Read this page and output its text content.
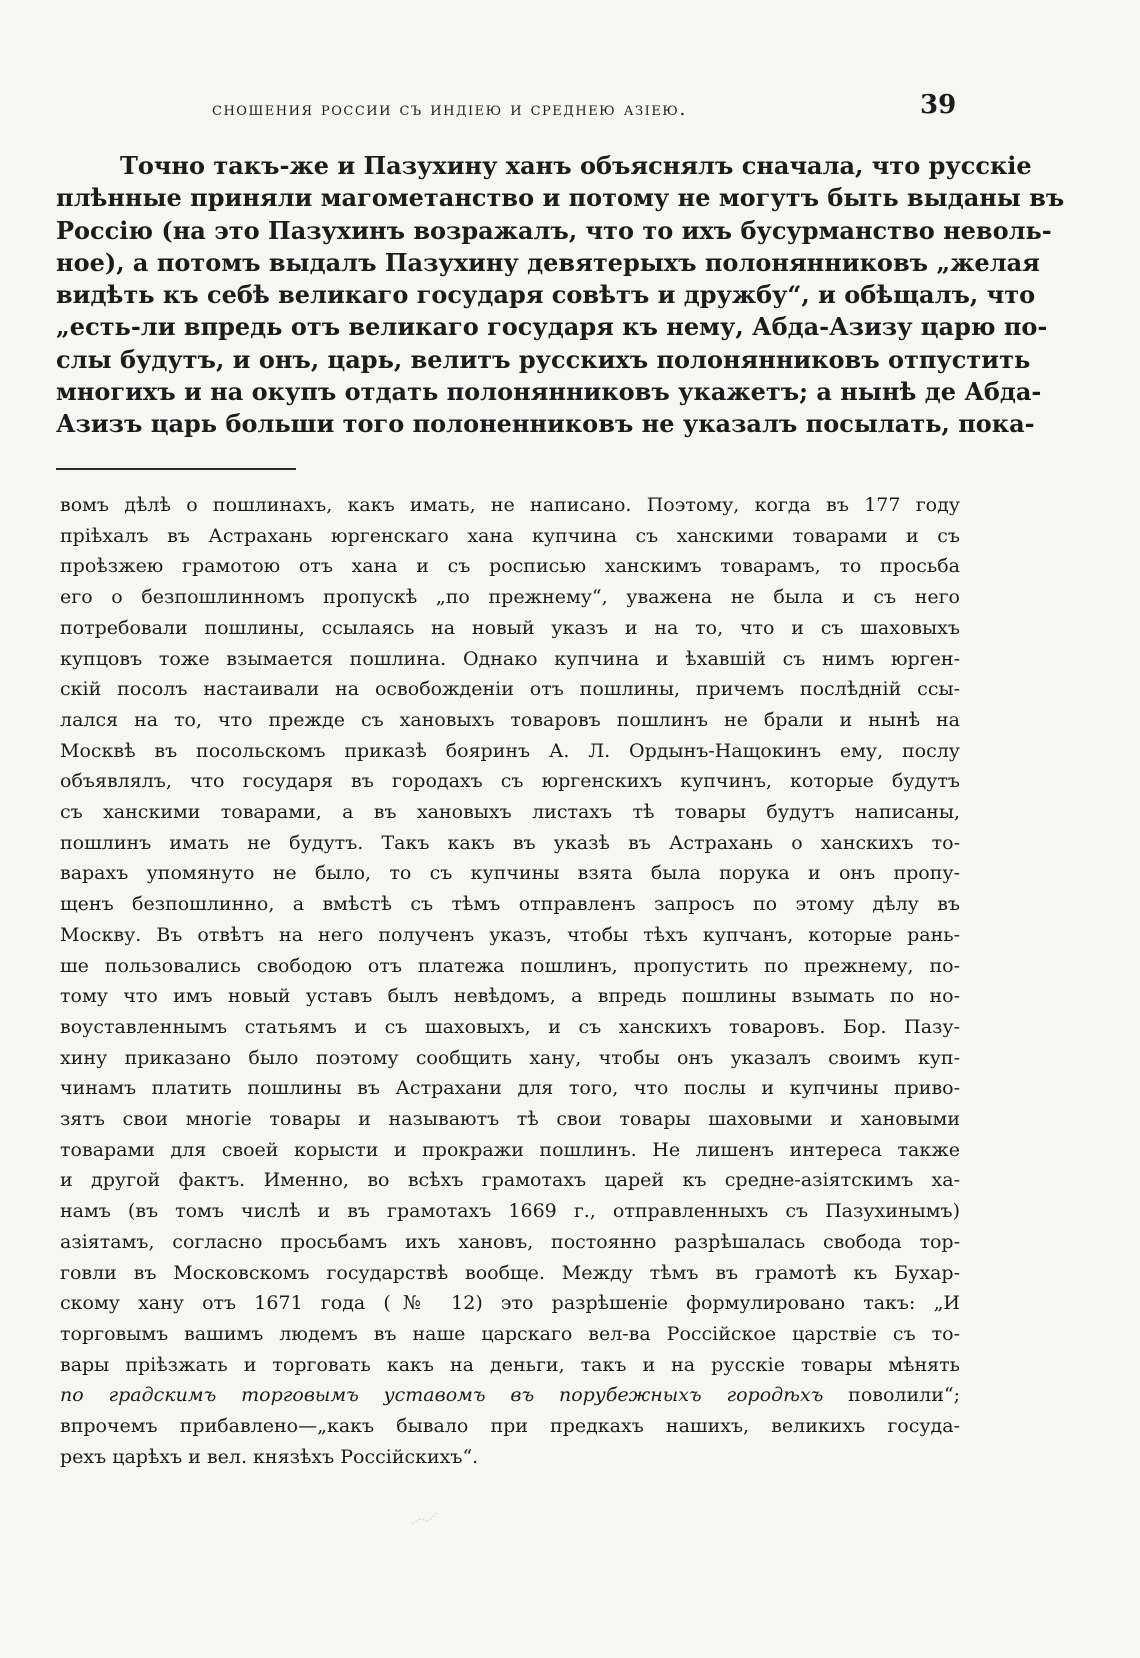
сношения россии съ индіею и среднею азіею.	39
Точно такъ-же и Пазухину ханъ объяснялъ сначала, что русскіе
плѣнные приняли магометанство и потому не могутъ быть выданы въ
Россію (на это Пазухинъ возражалъ, что то ихъ бусурманство неволь-
ное), а потомъ выдалъ Пазухину девятерыхъ полонянниковъ „желая
видѣть къ себѣ великаго государя совѣтъ и дружбу“, и обѣщалъ, что
„есть-ли впредь отъ великаго государя къ нему, Абда-Азизу царю по-
слы будутъ, и онъ, царь, велитъ русскихъ полонянниковъ отпустить
многихъ и на окупъ отдать полонянниковъ укажетъ; а нынѣ де Абда-
Азизъ царь больши того полоненниковъ не указалъ посылать, пока-
вомъ дѣлѣ о пошлинахъ, какъ имать, не написано. Поэтому, когда въ 177 году
пріѣхалъ въ Астрахань юргенскаго хана купчина съ ханскими товарами и съ
проѣзжею грамотою отъ хана и съ росписью ханскимъ товарамъ, то просьба
его о безпошлинномъ пропускѣ „по прежнему“, уважена не была и съ него
потребовали пошлины, ссылаясь на новый указъ и на то, что и съ шаховыхъ
купцовъ тоже взымается пошлина. Однако купчина и ѣхавшій съ нимъ юрген-
скій посолъ настаивали на освобожденіи отъ пошлины, причемъ послѣдній ссы-
лался на то, что прежде съ хановыхъ товаровъ пошлинъ не брали и нынѣ на
Москвѣ въ посольскомъ приказѣ бояринъ А. Л. Ордынъ-Нащокинъ ему, послу
объявлялъ, что государя въ городахъ съ юргенскихъ купчинъ, которые будутъ
съ ханскими товарами, а въ хановыхъ листахъ тѣ товары будутъ написаны,
пошлинъ имать не будутъ. Такъ какъ въ указѣ въ Астрахань о ханскихъ то-
варахъ упомянуто не было, то съ купчины взята была порука и онъ пропу-
щенъ безпошлинно, а вмѣстѣ съ тѣмъ отправленъ запросъ по этому дѣлу въ
Москву. Въ отвѣтъ на него полученъ указъ, чтобы тѣхъ купчанъ, которые рань-
ше пользовались свободою отъ платежа пошлинъ, пропустить по прежнему, по-
тому что имъ новый уставъ былъ невѣдомъ, а впредь пошлины взымать по но-
воуставленнымъ статьямъ и съ шаховыхъ, и съ ханскихъ товаровъ. Бор. Пазу-
хину приказано было поэтому сообщить хану, чтобы онъ указалъ своимъ куп-
чинамъ платить пошлины въ Астрахани для того, что послы и купчины приво-
зятъ свои многіе товары и называютъ тѣ свои товары шаховыми и хановыми
товарами для своей корысти и прокражи пошлинъ. Не лишенъ интереса также
и другой фактъ. Именно, во всѣхъ грамотахъ царей къ средне-азіятскимъ ха-
намъ (въ томъ числѣ и въ грамотахъ 1669 г., отправленныхъ съ Пазухинымъ)
азіятамъ, согласно просьбамъ ихъ хановъ, постоянно разрѣшалась свобода тор-
говли въ Московскомъ государствѣ вообще. Между тѣмъ въ грамотѣ къ Бухар-
скому хану отъ 1671 года (№ 12) это разрѣшеніе формулировано такъ: „И
торговымъ вашимъ людемъ въ наше царскаго вел-ва Россійское царствіе съ то-
вары пріѣзжать и торговать какъ на деньги, такъ и на русскіе товары мѣнять
по градскимъ торговымъ уставомъ въ порубежныхъ городѣхъ поволили“;
впрочемъ прибавлено—„какъ бывало при предкахъ нашихъ, великихъ госуда-
рехъ царѣхъ и вел. князѣхъ Россійскихъ“.
